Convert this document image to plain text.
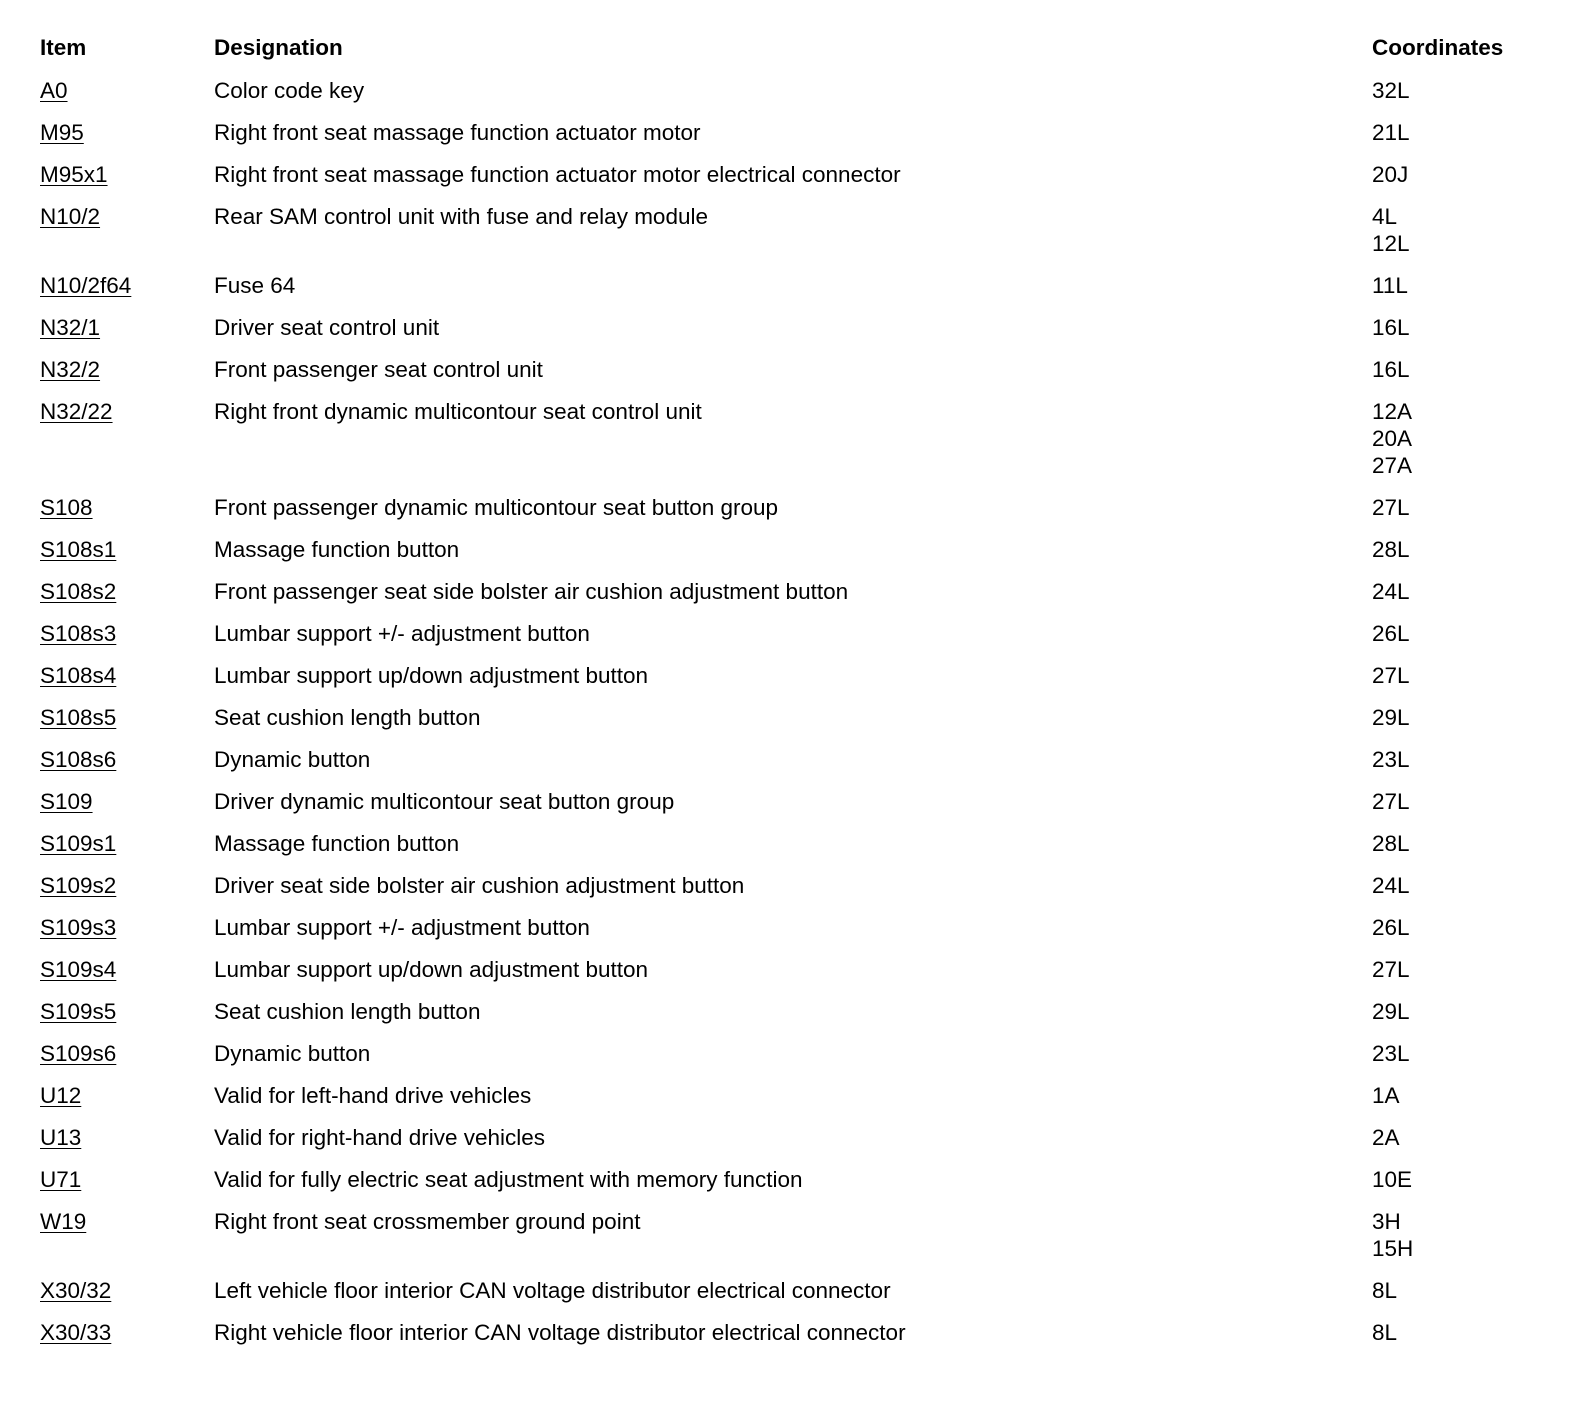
Item	Designation	Coordinates
A0	Color code key	32L

M95	Right front seat massage function actuator motor	21L

M95x1	Right front seat massage function actuator motor electrical connector	20J

N10/2	Rear SAM control unit with fuse and relay module	4L
12L

N10/2f64	Fuse 64	11L

N32/1	Driver seat control unit	16L

N32/2	Front passenger seat control unit	16L

N32/22	Right front dynamic multicontour seat control unit	12A
20A
27A

S108	Front passenger dynamic multicontour seat button group	27L

S108s1	Massage function button	28L

S108s2	Front passenger seat side bolster air cushion adjustment button	24L

S108s3	Lumbar support +/- adjustment button	26L

S108s4	Lumbar support up/down adjustment button	27L

S108s5	Seat cushion length button	29L

S108s6	Dynamic button	23L

S109	Driver dynamic multicontour seat button group	27L

S109s1	Massage function button	28L

S109s2	Driver seat side bolster air cushion adjustment button	24L

S109s3	Lumbar support +/- adjustment button	26L

S109s4	Lumbar support up/down adjustment button	27L

S109s5	Seat cushion length button	29L

S109s6	Dynamic button	23L

U12	Valid for left-hand drive vehicles	1A

U13	Valid for right-hand drive vehicles	2A

U71	Valid for fully electric seat adjustment with memory function	10E

W19	Right front seat crossmember ground point	3H
15H

X30/32	Left vehicle floor interior CAN voltage distributor electrical connector	8L

X30/33	Right vehicle floor interior CAN voltage distributor electrical connector	8L
